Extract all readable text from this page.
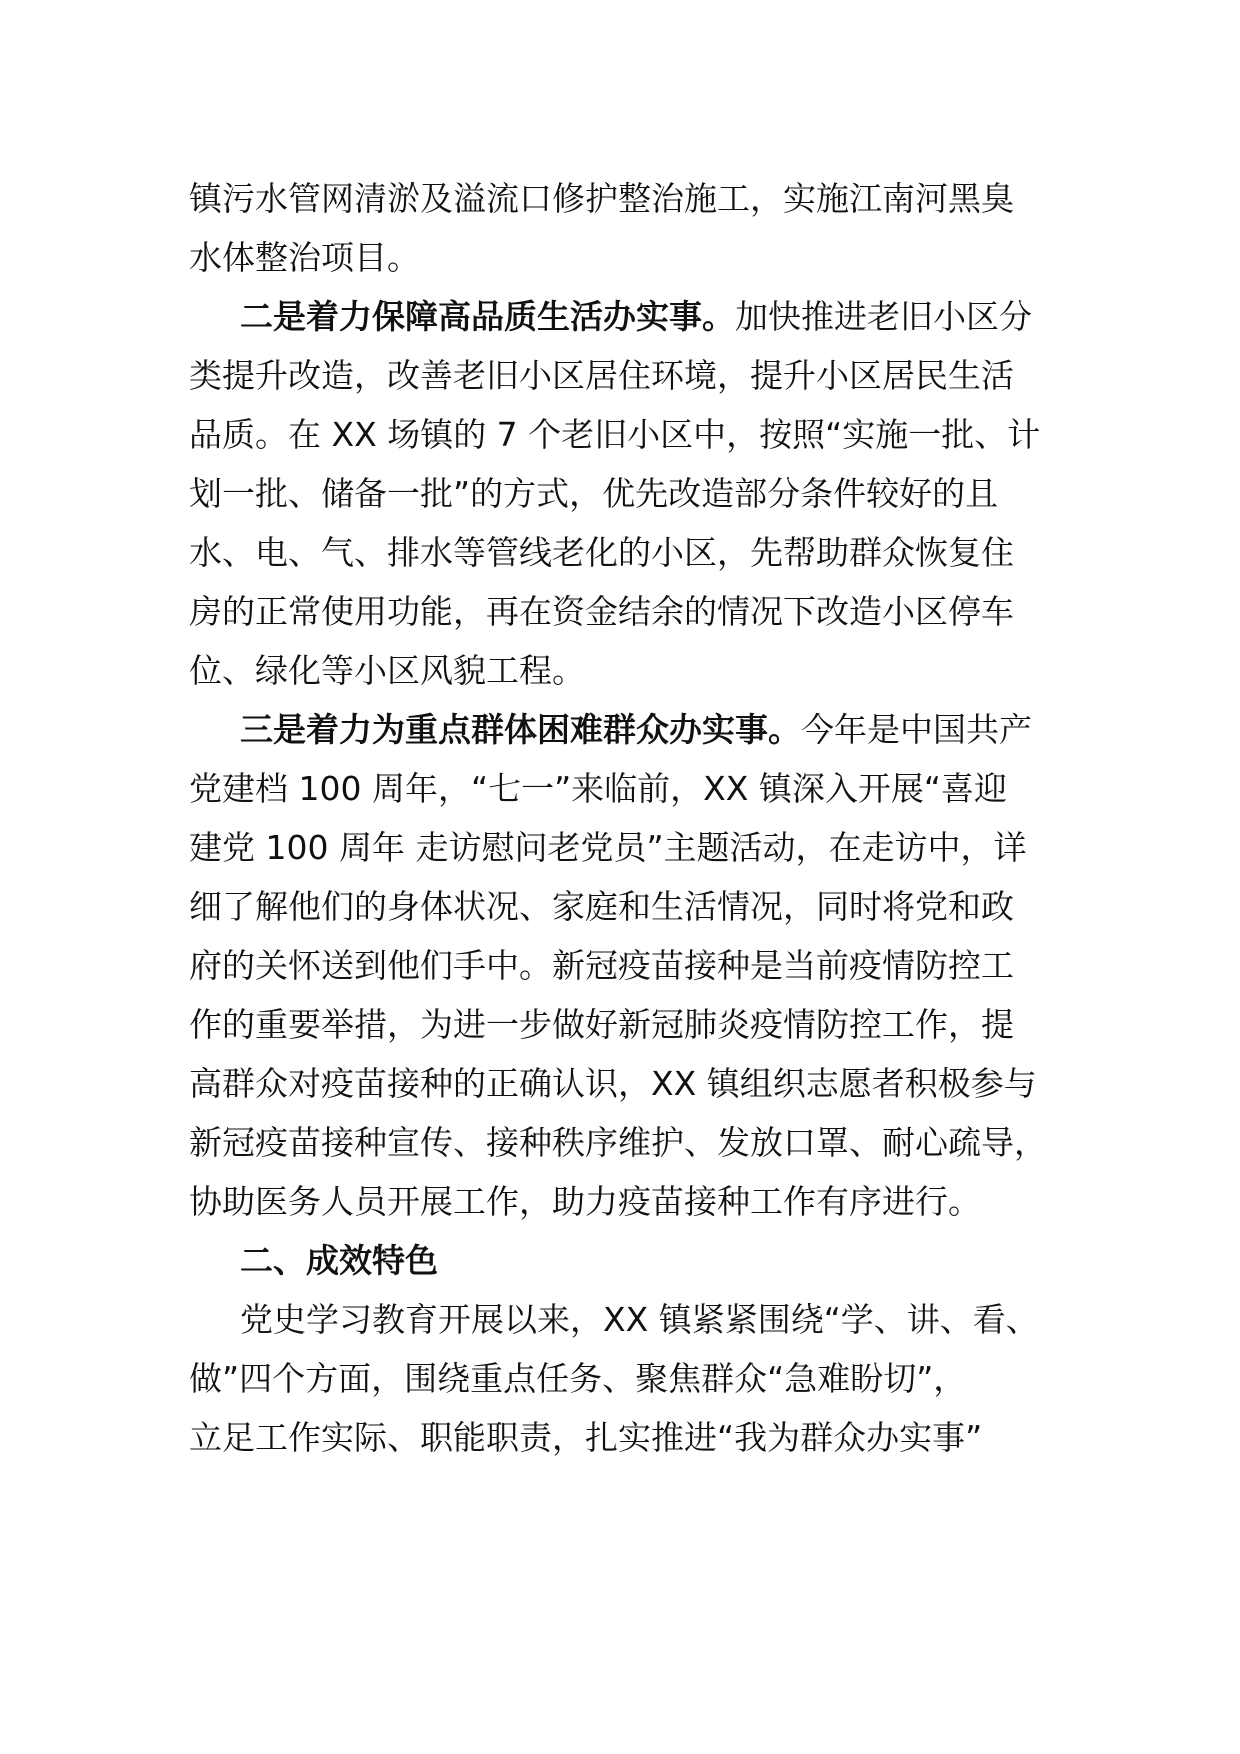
镇污水管网清淤及溢流口修护整治施工，实施江南河黑臭
水体整治项目。
二是着力保障高品质生活办实事。加快推进老旧小区分
类提升改造，改善老旧小区居住环境，提升小区居民生活
品质。在 XX 场镇的 7 个老旧小区中，按照“实施一批、计
划一批、储备一批”的方式，优先改造部分条件较好的且
水、电、气、排水等管线老化的小区，先帮助群众恢复住
房的正常使用功能，再在资金结余的情况下改造小区停车
位、绿化等小区风貌工程。
三是着力为重点群体困难群众办实事。今年是中国共产
党建档 100 周年，“七一”来临前，XX 镇深入开展“喜迎
建党 100 周年 走访慰问老党员”主题活动，在走访中，详
细了解他们的身体状况、家庭和生活情况，同时将党和政
府的关怀送到他们手中。新冠疫苗接种是当前疫情防控工
作的重要举措，为进一步做好新冠肺炎疫情防控工作，提
高群众对疫苗接种的正确认识，XX 镇组织志愿者积极参与
新冠疫苗接种宣传、接种秩序维护、发放口罩、耐心疏导，
协助医务人员开展工作，助力疫苗接种工作有序进行。
二、成效特色
党史学习教育开展以来，XX 镇紧紧围绕“学、讲、看、
做”四个方面，围绕重点任务、聚焦群众“急难盼切”，
立足工作实际、职能职责，扎实推进“我为群众办实事”
